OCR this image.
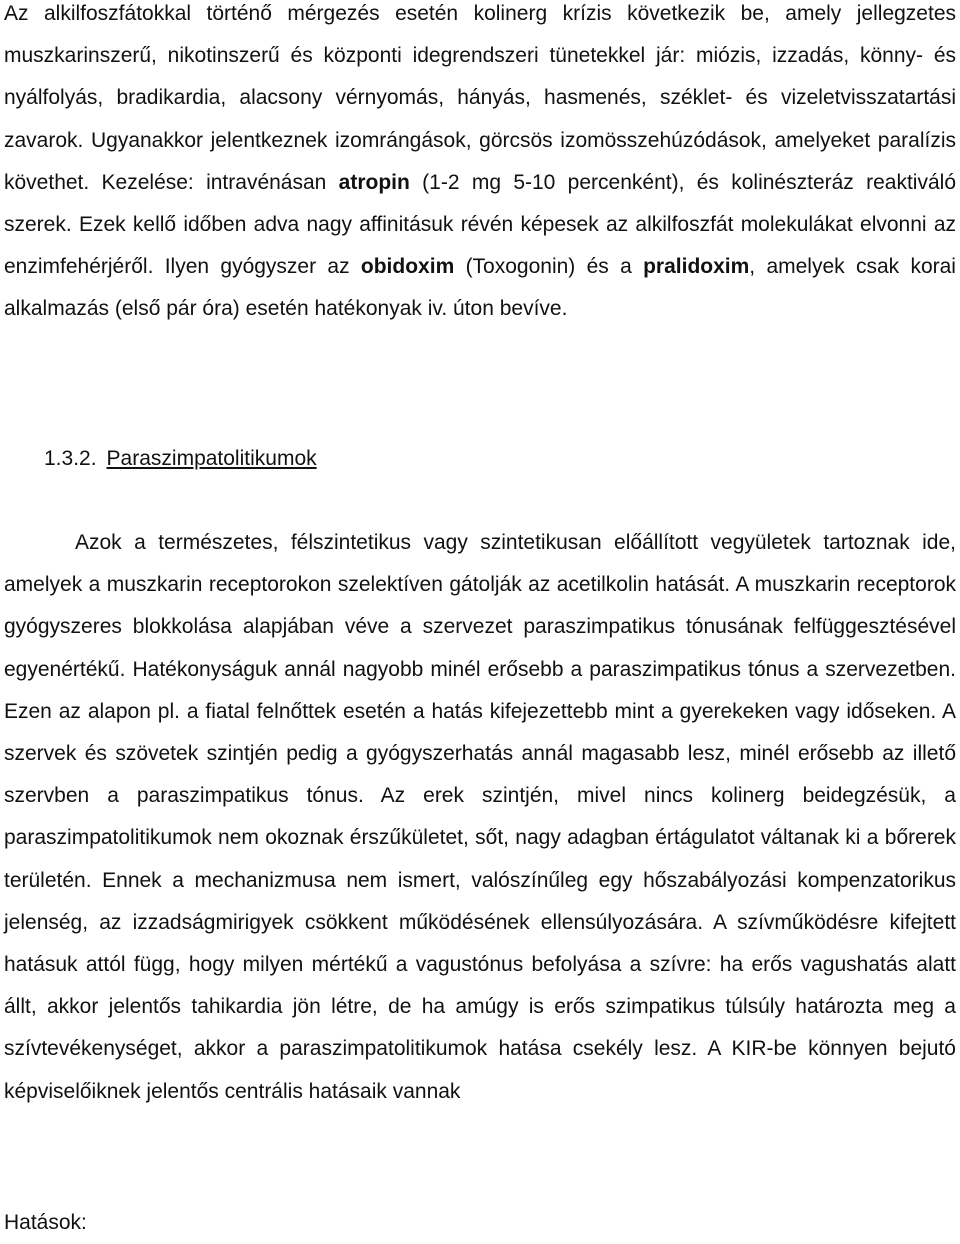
Az alkilfoszfátokkal történő mérgezés esetén kolinerg krízis következik be, amely jellegzetes muszkarinszerű, nikotinszerű és központi idegrendszeri tünetekkel jár: miózis, izzadás, könny- és nyálfolyás, bradikardia, alacsony vérnyomás, hányás, hasmenés, széklet- és vizeletvisszatartási zavarok. Ugyanakkor jelentkeznek izomrángások, görcsös izomösszehúzódások, amelyeket paralízis követhet. Kezelése: intravénásan atropin (1-2 mg 5-10 percenként), és kolinészteráz reaktiváló szerek. Ezek kellő időben adva nagy affinitásuk révén képesek az alkilfoszfát molekulákat elvonni az enzimfehérjéről. Ilyen gyógyszer az obidoxim (Toxogonin) és a pralidoxim, amelyek csak korai alkalmazás (első pár óra) esetén hatékonyak iv. úton bevíve.

1.3.2. Paraszimpatolitikumok

Azok a természetes, félszintetikus vagy szintetikusan előállított vegyületek tartoznak ide, amelyek a muszkarin receptorokon szelektíven gátolják az acetilkolin hatását. A muszkarin receptorok gyógyszeres blokkolása alapjában véve a szervezet paraszimpatikus tónusának felfüggesztésével egyenértékű. Hatékonyságuk annál nagyobb minél erősebb a paraszimpatikus tónus a szervezetben. Ezen az alapon pl. a fiatal felnőttek esetén a hatás kifejezettebb mint a gyerekeken vagy időseken. A szervek és szövetek szintjén pedig a gyógyszerhatás annál magasabb lesz, minél erősebb az illető szervben a paraszimpatikus tónus. Az erek szintjén, mivel nincs kolinerg beidegzésük, a paraszimpatolitikumok nem okoznak érszűkületet, sőt, nagy adagban értágulatot váltanak ki a bőrerek területén. Ennek a mechanizmusa nem ismert, valószínűleg egy hőszabályozási kompenzatorikus jelenség, az izzadságmirigyek csökkent működésének ellensúlyozására. A szívműködésre kifejtett hatásuk attól függ, hogy milyen mértékű a vagustónus befolyása a szívre: ha erős vagushatás alatt állt, akkor jelentős tahikardia jön létre, de ha amúgy is erős szimpatikus túlsúly határozta meg a szívtevékenységet, akkor a paraszimpatolitikumok hatása csekély lesz. A KIR-be könnyen bejutó képviselőiknek jelentős centrális hatásaik vannak

Hatások:
